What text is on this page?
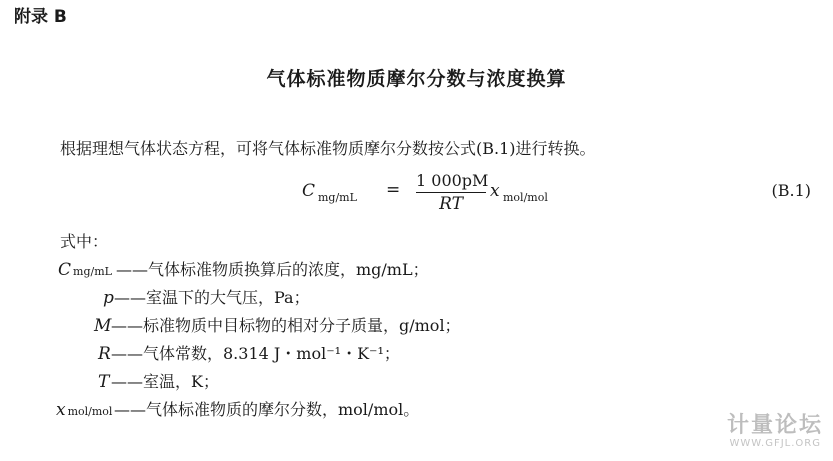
附录 B
气体标准物质摩尔分数与浓度换算
根据理想气体状态方程，可将气体标准物质摩尔分数按公式(B.1)进行转换。
C mg/mL = 1 000pM
RT
x mol/mol	(B.1)
式中：
Cmg/mL ——气体标准物质换算后的浓度，mg/mL；
p ——室温下的大气压，Pa；
M ——标准物质中目标物的相对分子质量，g/mol；
R ——气体常数，8.314 J・mol⁻¹・K⁻¹；
T ——室温，K；
xmol/mol ——气体标准物质的摩尔分数，mol/mol。
计量论坛
WWW.GFJL.ORG
